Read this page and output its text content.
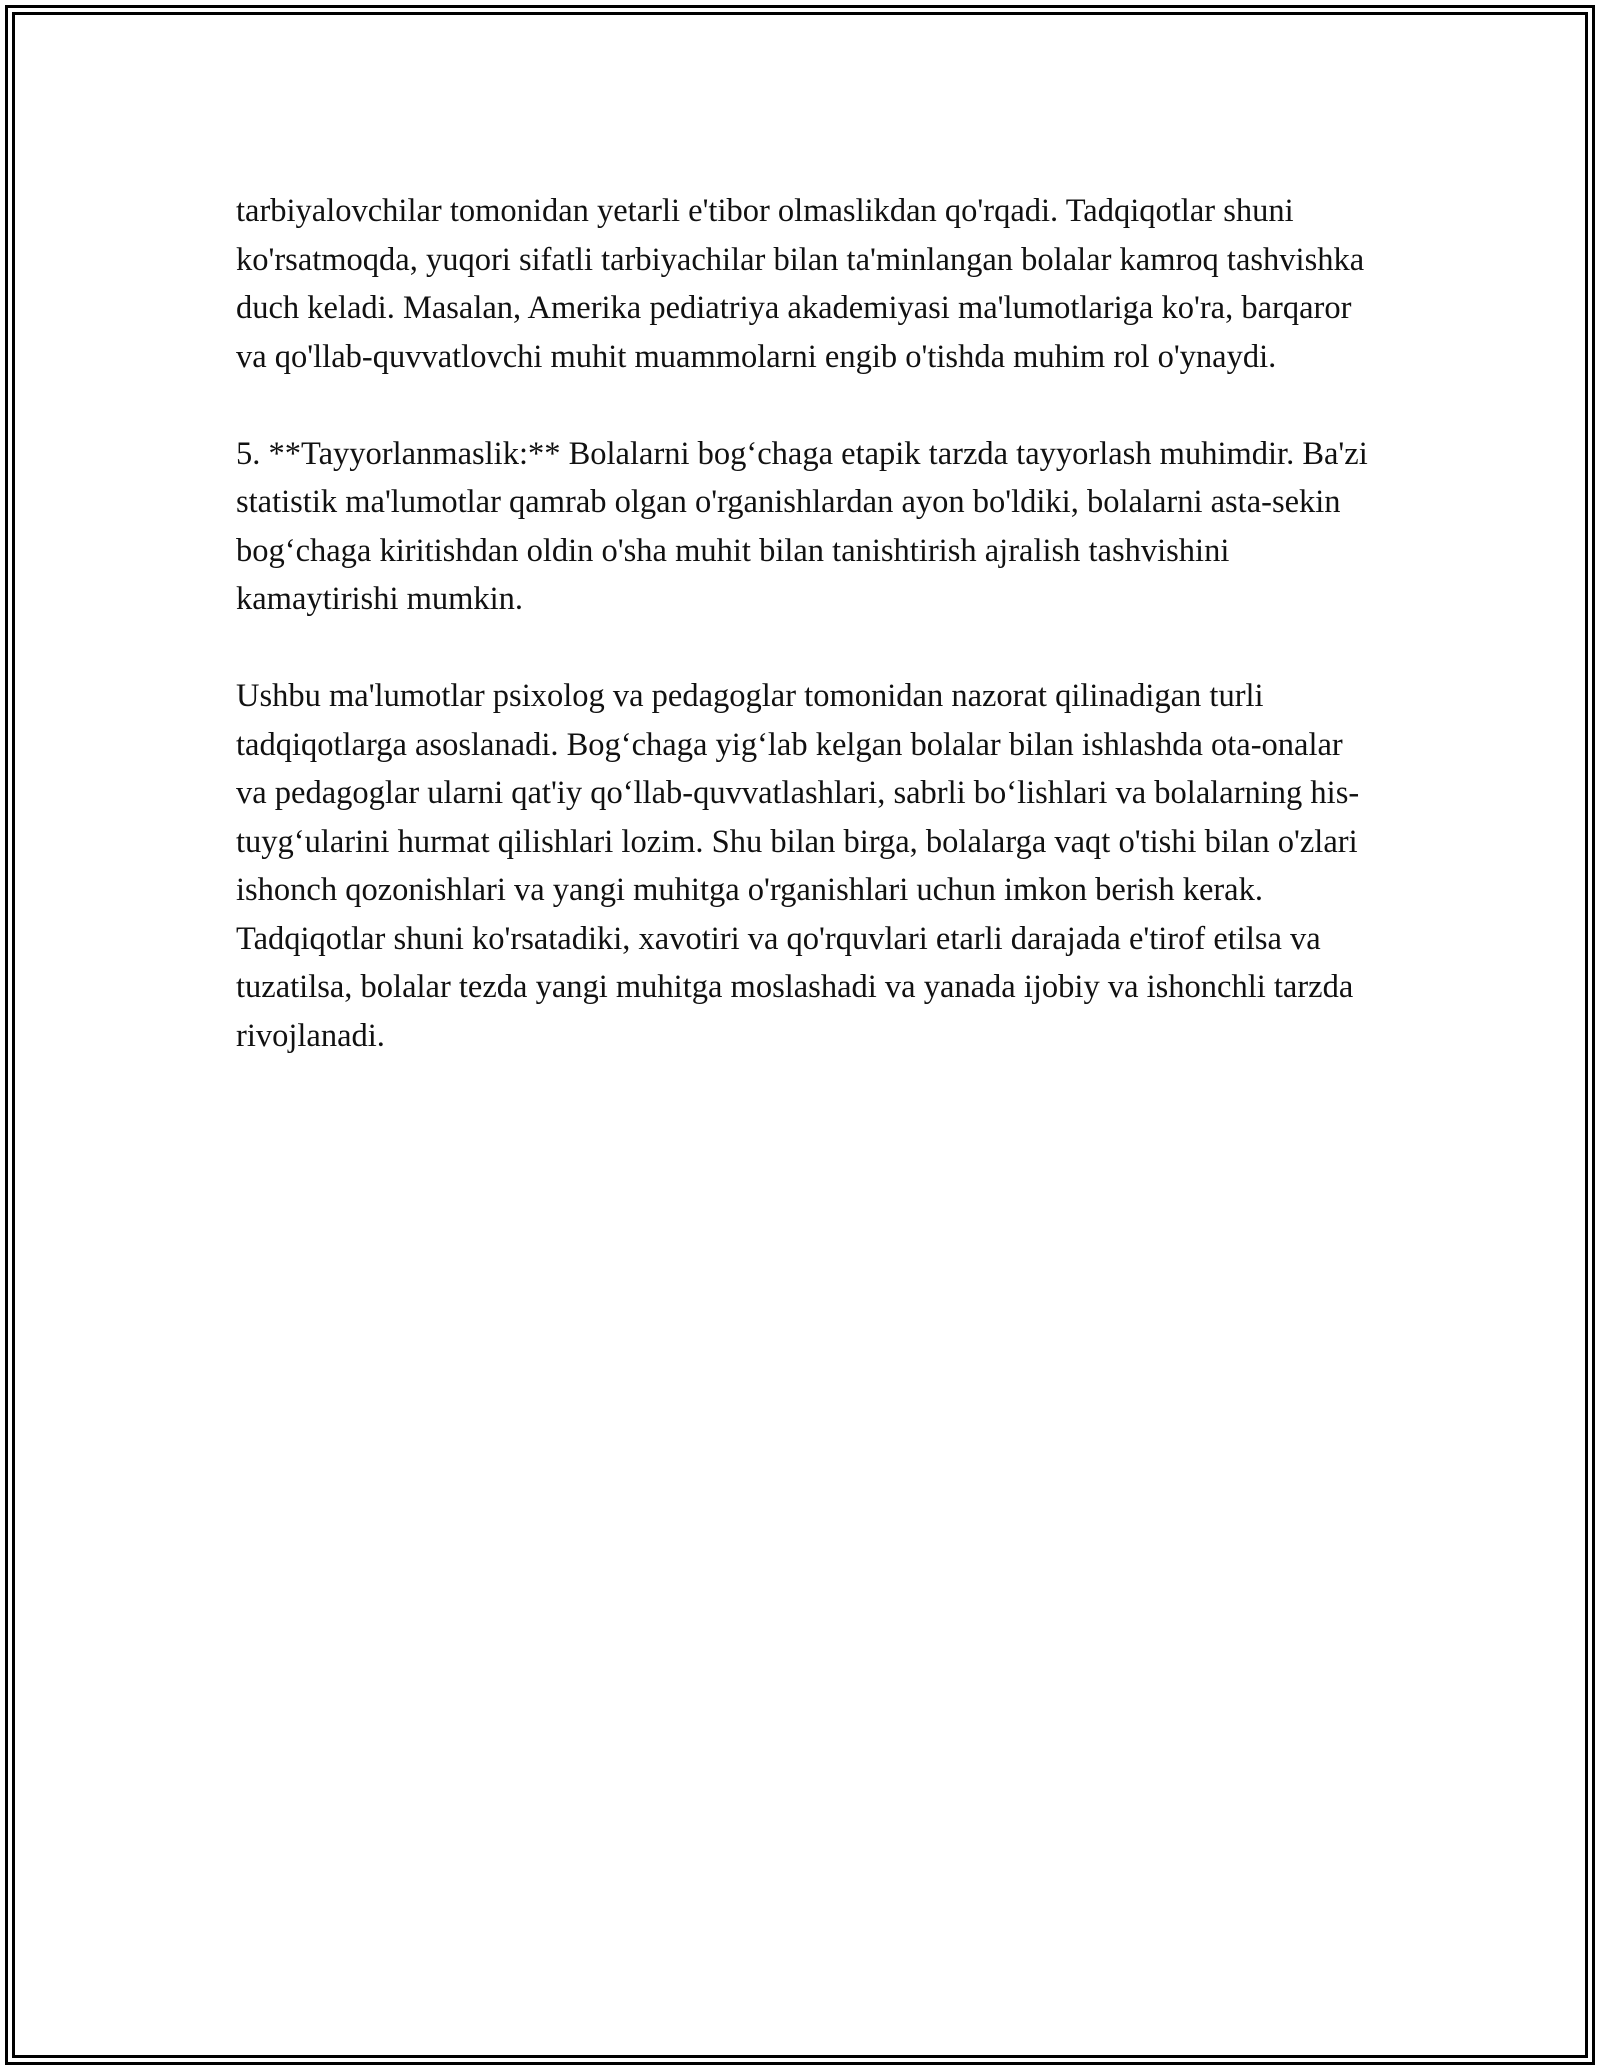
tarbiyalovchilar tomonidan yetarli e'tibor olmaslikdan qo'rqadi. Tadqiqotlar shuni ko'rsatmoqda, yuqori sifatli tarbiyachilar bilan ta'minlangan bolalar kamroq tashvishka duch keladi. Masalan, Amerika pediatriya akademiyasi ma'lumotlariga ko'ra, barqaror va qo'llab-quvvatlovchi muhit muammolarni engib o'tishda muhim rol o'ynaydi.

5. **Tayyorlanmaslik:** Bolalarni bog‘chaga etapik tarzda tayyorlash muhimdir. Ba'zi statistik ma'lumotlar qamrab olgan o'rganishlardan ayon bo'ldiki, bolalarni asta-sekin bog‘chaga kiritishdan oldin o'sha muhit bilan tanishtirish ajralish tashvishini kamaytirishi mumkin.

Ushbu ma'lumotlar psixolog va pedagoglar tomonidan nazorat qilinadigan turli tadqiqotlarga asoslanadi. Bog‘chaga yig‘lab kelgan bolalar bilan ishlashda ota-onalar va pedagoglar ularni qat'iy qo‘llab-quvvatlashlari, sabrli bo‘lishlari va bolalarning his-tuyg‘ularini hurmat qilishlari lozim. Shu bilan birga, bolalarga vaqt o'tishi bilan o'zlari ishonch qozonishlari va yangi muhitga o'rganishlari uchun imkon berish kerak. Tadqiqotlar shuni ko'rsatadiki, xavotiri va qo'rquvlari etarli darajada e'tirof etilsa va tuzatilsa, bolalar tezda yangi muhitga moslashadi va yanada ijobiy va ishonchli tarzda rivojlanadi.
